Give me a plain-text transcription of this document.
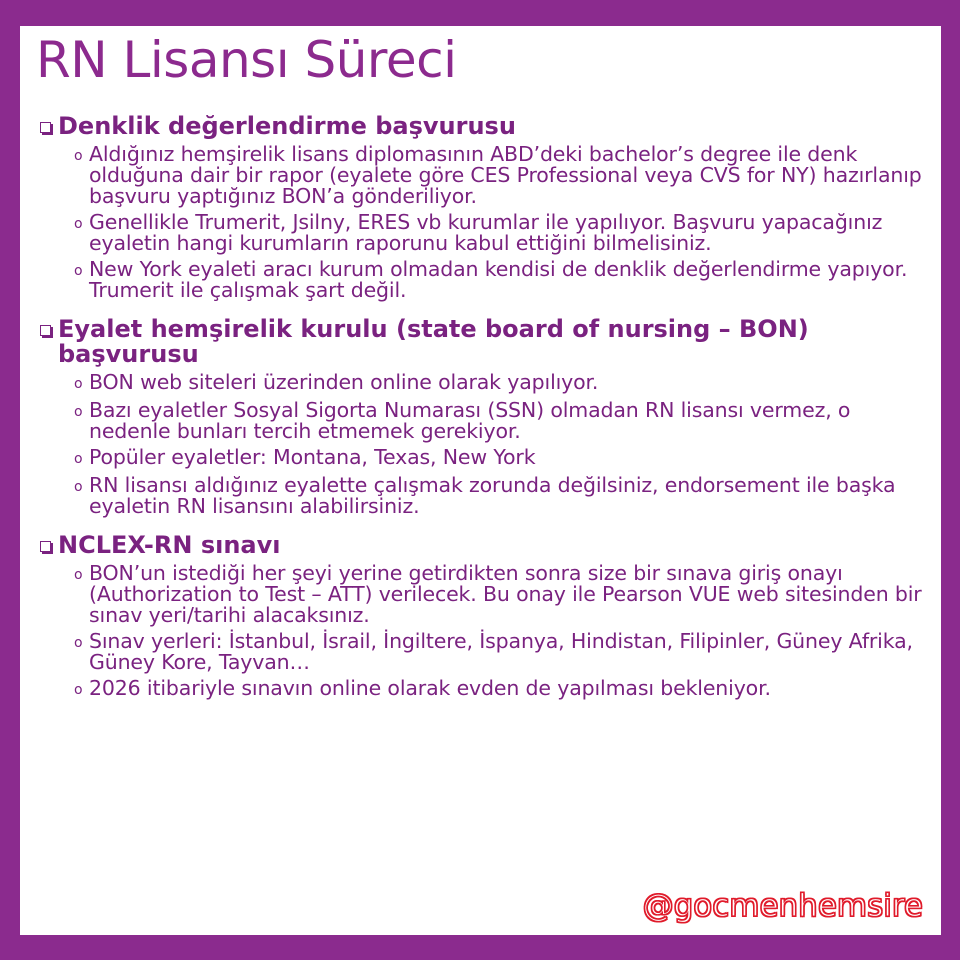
RN Lisansı Süreci
Denklik değerlendirme başvurusu
o Aldığınız hemşirelik lisans diplomasının ABD’deki bachelor’s degree ile denk olduğuna dair bir rapor (eyalete göre CES Professional veya CVS for NY) hazırlanıp başvuru yaptığınız BON’a gönderiliyor.
o Genellikle Trumerit, Jsilny, ERES vb kurumlar ile yapılıyor. Başvuru yapacağınız eyaletin hangi kurumların raporunu kabul ettiğini bilmelisiniz.
o New York eyaleti aracı kurum olmadan kendisi de denklik değerlendirme yapıyor. Trumerit ile çalışmak şart değil.
Eyalet hemşirelik kurulu (state board of nursing – BON) başvurusu
o BON web siteleri üzerinden online olarak yapılıyor.
o Bazı eyaletler Sosyal Sigorta Numarası (SSN) olmadan RN lisansı vermez, o nedenle bunları tercih etmemek gerekiyor.
o Popüler eyaletler: Montana, Texas, New York
o RN lisansı aldığınız eyalette çalışmak zorunda değilsiniz, endorsement ile başka eyaletin RN lisansını alabilirsiniz.
NCLEX-RN sınavı
o BON’un istediği her şeyi yerine getirdikten sonra size bir sınava giriş onayı (Authorization to Test – ATT) verilecek. Bu onay ile Pearson VUE web sitesinden bir sınav yeri/tarihi alacaksınız.
o Sınav yerleri: İstanbul, İsrail, İngiltere, İspanya, Hindistan, Filipinler, Güney Afrika, Güney Kore, Tayvan…
o 2026 itibariyle sınavın online olarak evden de yapılması bekleniyor.
@gocmenhemsire
